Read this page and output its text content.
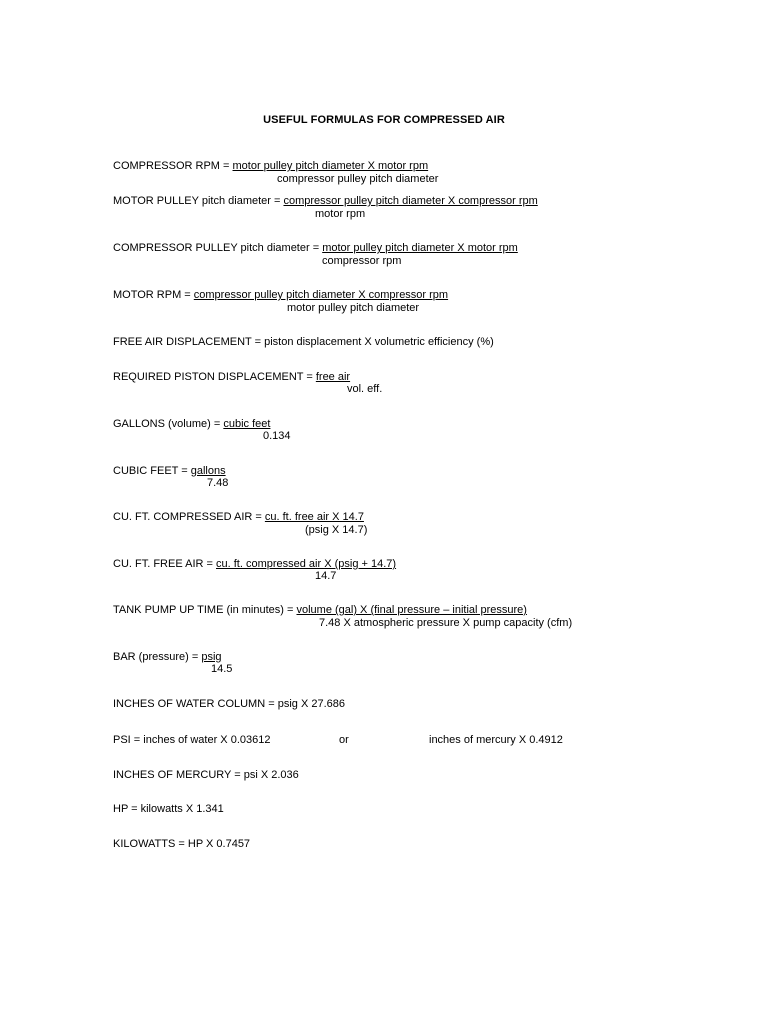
USEFUL FORMULAS FOR COMPRESSED AIR
COMPRESSOR RPM = motor pulley pitch diameter X motor rpm
compressor pulley pitch diameter
MOTOR PULLEY pitch diameter = compressor pulley pitch diameter X compressor rpm
motor rpm
COMPRESSOR PULLEY pitch diameter = motor pulley pitch diameter X motor rpm
compressor rpm
MOTOR RPM = compressor pulley pitch diameter X compressor rpm
motor pulley pitch diameter
FREE AIR DISPLACEMENT = piston displacement X volumetric efficiency (%)
REQUIRED PISTON DISPLACEMENT = free air
vol. eff.
GALLONS (volume) = cubic feet
0.134
CUBIC FEET = gallons
7.48
CU. FT. COMPRESSED AIR = cu. ft. free air X 14.7
(psig X 14.7)
CU. FT. FREE AIR = cu. ft. compressed air X (psig + 14.7)
14.7
TANK PUMP UP TIME (in minutes) = volume (gal) X (final pressure – initial pressure)
7.48 X atmospheric pressure X pump capacity (cfm)
BAR (pressure) = psig
14.5
INCHES OF WATER COLUMN = psig X 27.686
PSI = inches of water X 0.03612	or	inches of mercury X 0.4912
INCHES OF MERCURY = psi X 2.036
HP = kilowatts X 1.341
KILOWATTS = HP X 0.7457
